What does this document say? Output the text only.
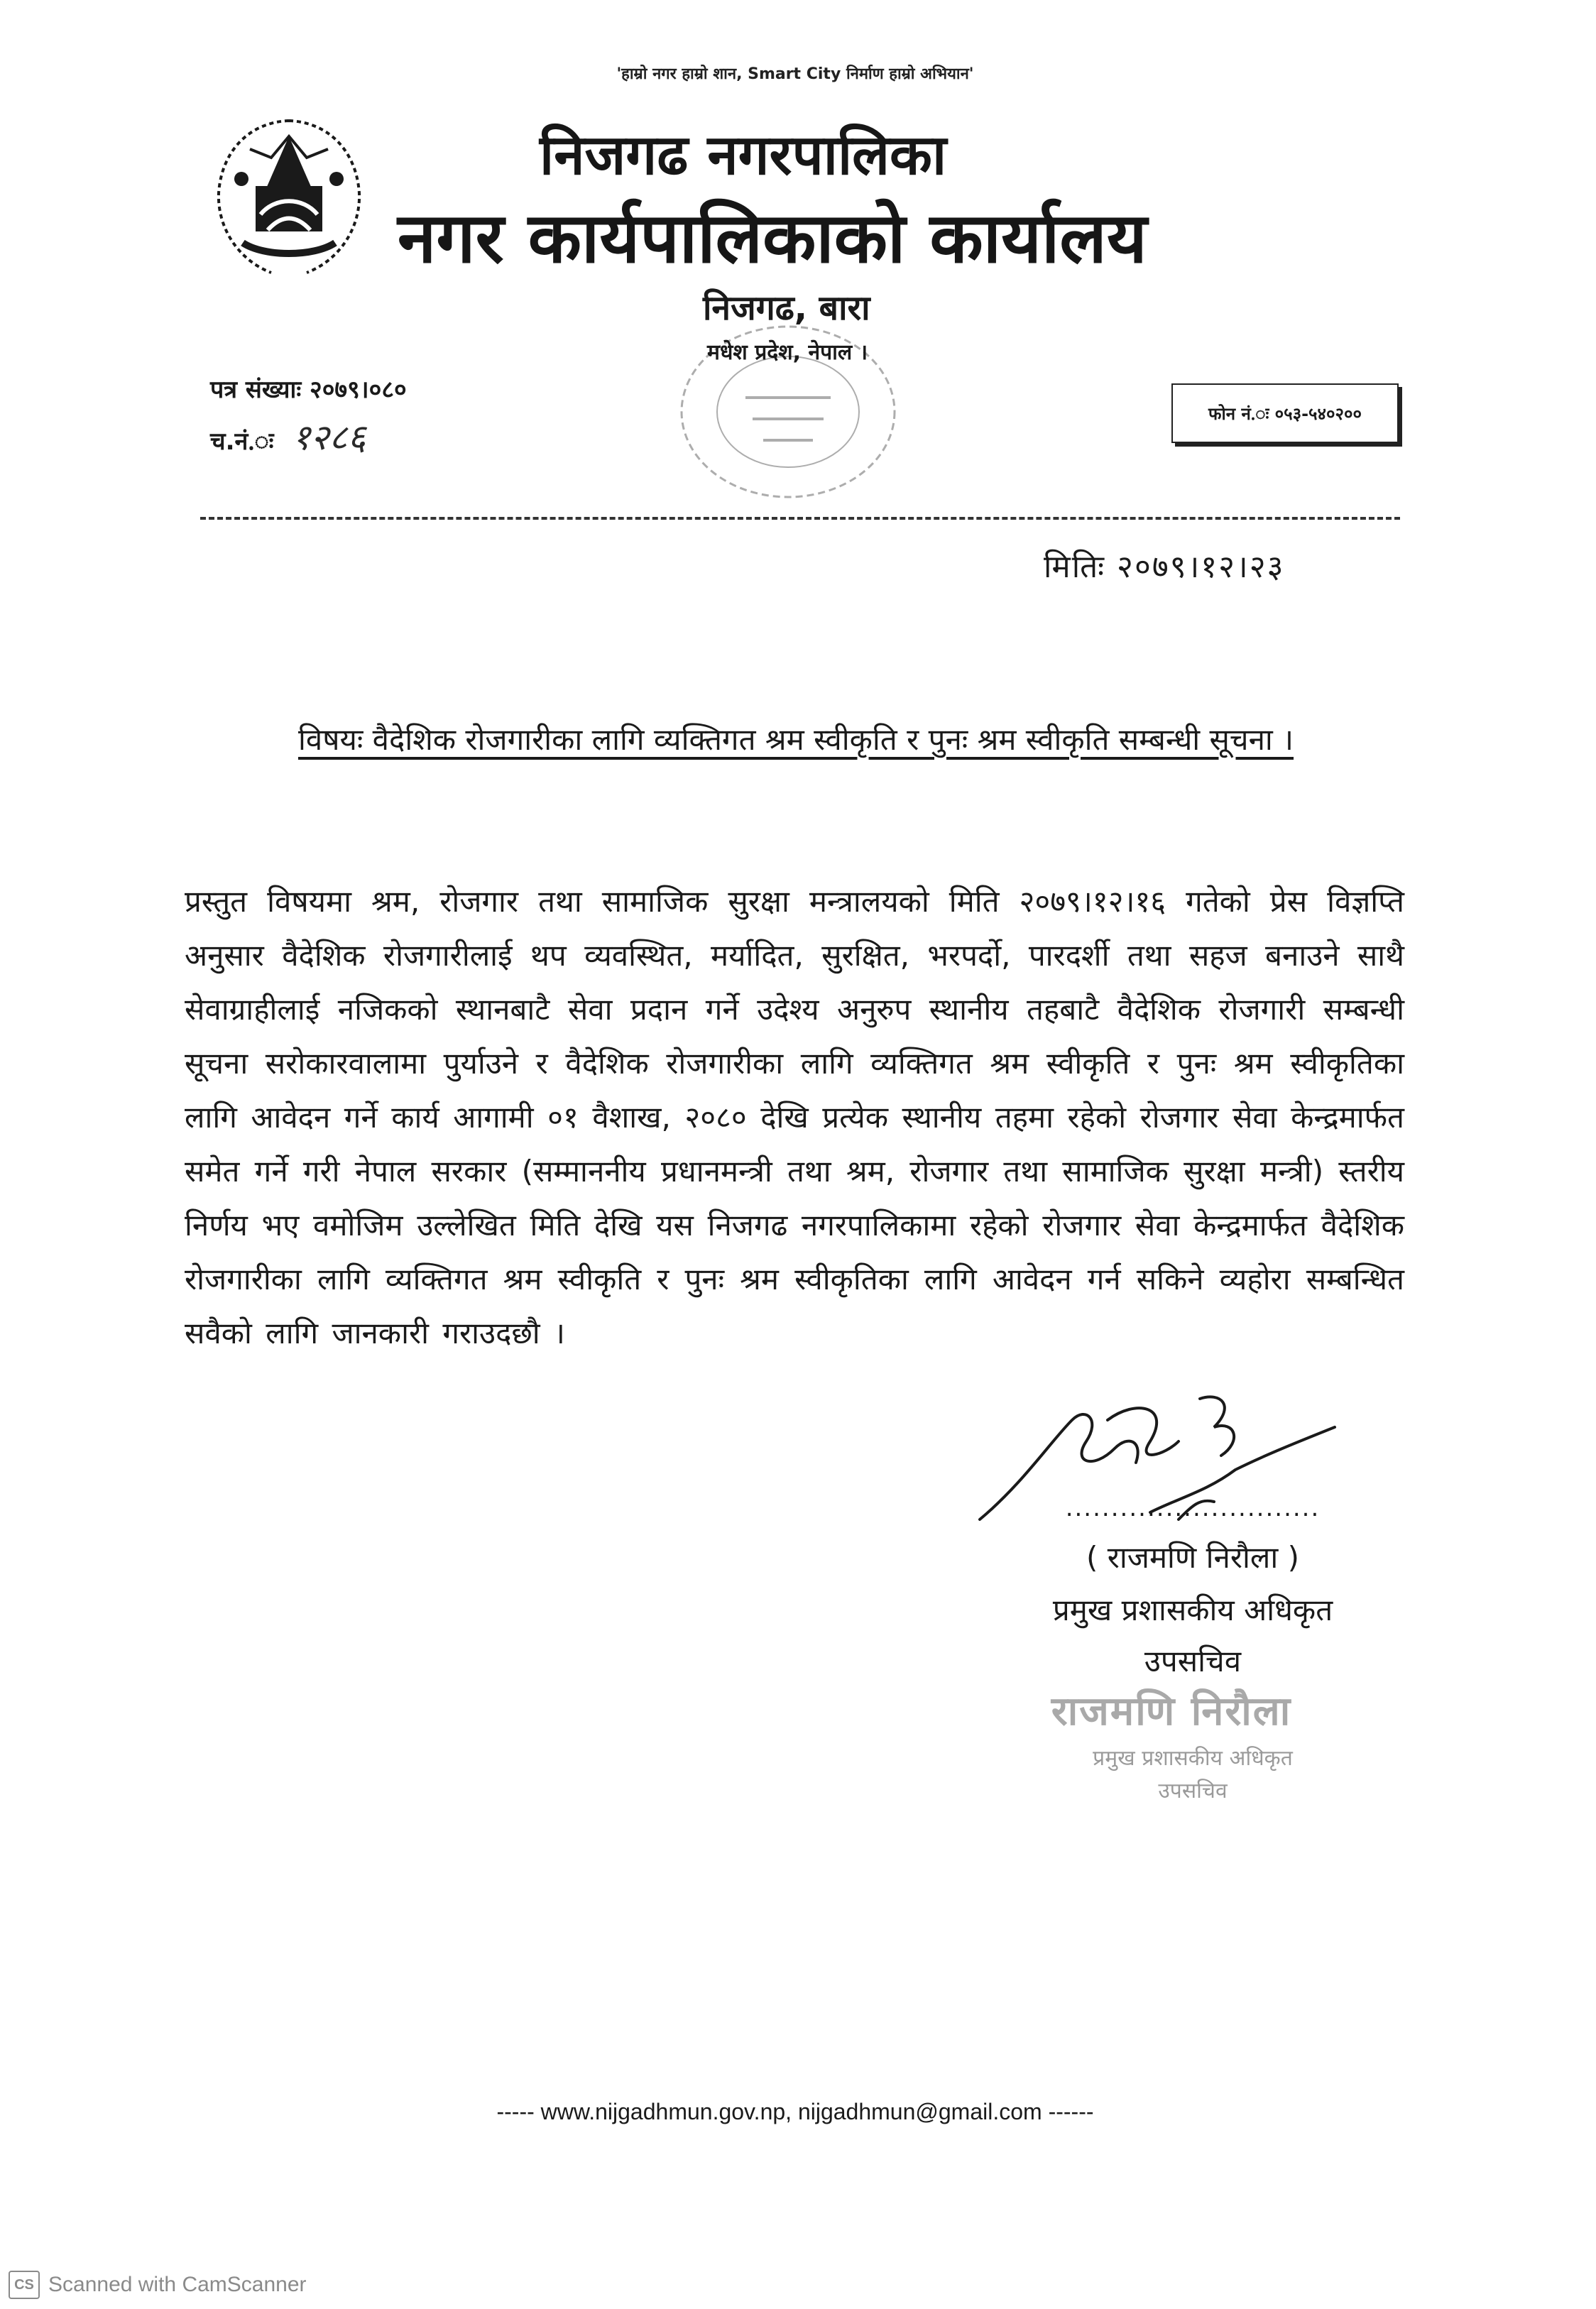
'हाम्रो नगर हाम्रो शान, Smart City निर्माण हाम्रो अभियान'
निजगढ नगरपालिका
नगर कार्यपालिकाको कार्यालय
निजगढ, बारा
मधेश प्रदेश, नेपाल ।
पत्र संख्याः २०७९।०८०
च.नं.ः १२८६
फोन नं.ः ०५३-५४०२००
मितिः २०७९।१२।२३
विषयः वैदेशिक रोजगारीका लागि व्यक्तिगत श्रम स्वीकृति र पुनः श्रम स्वीकृति सम्बन्धी सूचना ।
प्रस्तुत विषयमा श्रम, रोजगार तथा सामाजिक सुरक्षा मन्त्रालयको मिति २०७९।१२।१६ गतेको प्रेस विज्ञप्ति अनुसार वैदेशिक रोजगारीलाई थप व्यवस्थित, मर्यादित, सुरक्षित, भरपर्दो, पारदर्शी तथा सहज बनाउने साथै सेवाग्राहीलाई नजिकको स्थानबाटै सेवा प्रदान गर्ने उदेश्य अनुरुप स्थानीय तहबाटै वैदेशिक रोजगारी सम्बन्धी सूचना सरोकारवालामा पुर्याउने र वैदेशिक रोजगारीका लागि व्यक्तिगत श्रम स्वीकृति र पुनः श्रम स्वीकृतिका लागि आवेदन गर्ने कार्य आगामी ०१ वैशाख, २०८० देखि प्रत्येक स्थानीय तहमा रहेको रोजगार सेवा केन्द्रमार्फत समेत गर्ने गरी नेपाल सरकार (सम्माननीय प्रधानमन्त्री तथा श्रम, रोजगार तथा सामाजिक सुरक्षा मन्त्री) स्तरीय निर्णय भए वमोजिम उल्लेखित मिति देखि यस निजगढ नगरपालिकामा रहेको रोजगार सेवा केन्द्रमार्फत वैदेशिक रोजगारीका लागि व्यक्तिगत श्रम स्वीकृति र पुनः श्रम स्वीकृतिका लागि आवेदन गर्न सकिने व्यहोरा सम्बन्धित सवैको लागि जानकारी गराउदछौ ।
............................
( राजमणि निरौला )
प्रमुख प्रशासकीय अधिकृत
उपसचिव
राजमणि निरौला
प्रमुख प्रशासकीय अधिकृत
उपसचिव
----- www.nijgadhmun.gov.np, nijgadhmun@gmail.com ------
CS Scanned with CamScanner
